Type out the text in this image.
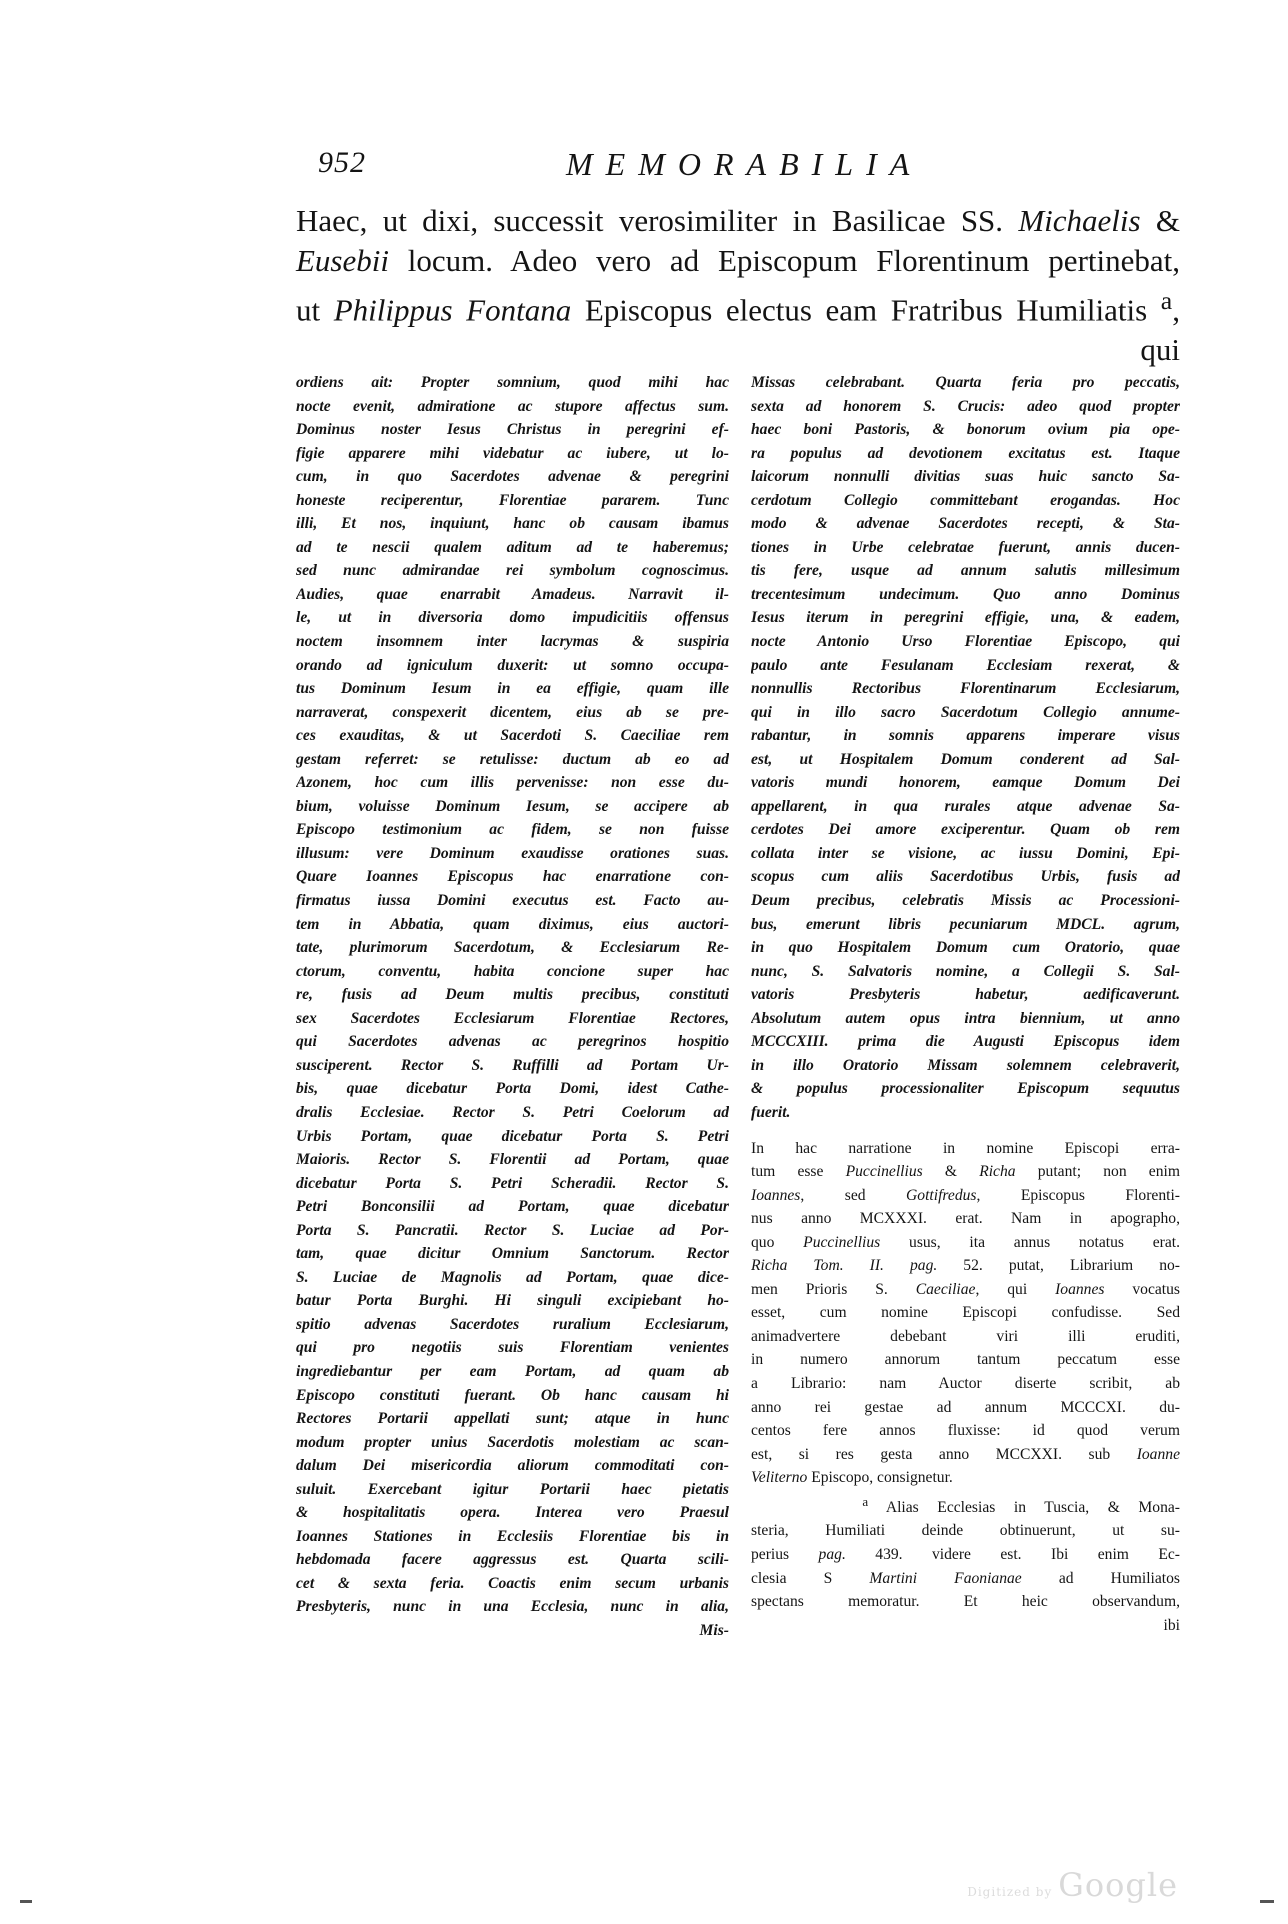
952	MEMORABILIA
Haec, ut dixi, successit verosimiliter in Basilicae SS. Michaelis &
Eusebii locum. Adeo vero ad Episcopum Florentinum pertinebat,
ut Philippus Fontana Episcopus electus eam Fratribus Humiliatis $^a$,
qui
ordiens ait: Propter somnium, quod mihi hac
nocte evenit, admiratione ac stupore affectus sum.
Dominus noster Iesus Christus in peregrini ef-
figie apparere mihi videbatur ac iubere, ut lo-
cum, in quo Sacerdotes advenae & peregrini
honeste reciperentur, Florentiae pararem. Tunc
illi, Et nos, inquiunt, hanc ob causam ibamus
ad te nescii qualem aditum ad te haberemus;
sed nunc admirandae rei symbolum cognoscimus.
Audies, quae enarrabit Amadeus. Narravit il-
le, ut in diversoria domo impudicitiis offensus
noctem insomnem inter lacrymas & suspiria
orando ad igniculum duxerit: ut somno occupa-
tus Dominum Iesum in ea effigie, quam ille
narraverat, conspexerit dicentem, eius ab se pre-
ces exauditas, & ut Sacerdoti S. Caeciliae rem
gestam referret: se retulisse: ductum ab eo ad
Azonem, hoc cum illis pervenisse: non esse du-
bium, voluisse Dominum Iesum, se accipere ab
Episcopo testimonium ac fidem, se non fuisse
illusum: vere Dominum exaudisse orationes suas.
Quare Ioannes Episcopus hac enarratione con-
firmatus iussa Domini executus est. Facto au-
tem in Abbatia, quam diximus, eius auctori-
tate, plurimorum Sacerdotum, & Ecclesiarum Re-
ctorum, conventu, habita concione super hac
re, fusis ad Deum multis precibus, constituti
sex Sacerdotes Ecclesiarum Florentiae Rectores,
qui Sacerdotes advenas ac peregrinos hospitio
susciperent. Rector S. Ruffilli ad Portam Ur-
bis, quae dicebatur Porta Domi, idest Cathe-
dralis Ecclesiae. Rector S. Petri Coelorum ad
Urbis Portam, quae dicebatur Porta S. Petri
Maioris. Rector S. Florentii ad Portam, quae
dicebatur Porta S. Petri Scheradii. Rector S.
Petri Bonconsilii ad Portam, quae dicebatur
Porta S. Pancratii. Rector S. Luciae ad Por-
tam, quae dicitur Omnium Sanctorum. Rector
S. Luciae de Magnolis ad Portam, quae dice-
batur Porta Burghi. Hi singuli excipiebant ho-
spitio advenas Sacerdotes ruralium Ecclesiarum,
qui pro negotiis suis Florentiam venientes
ingrediebantur per eam Portam, ad quam ab
Episcopo constituti fuerant. Ob hanc causam hi
Rectores Portarii appellati sunt; atque in hunc
modum propter unius Sacerdotis molestiam ac scan-
dalum Dei misericordia aliorum commoditati con-
suluit. Exercebant igitur Portarii haec pietatis
& hospitalitatis opera. Interea vero Praesul
Ioannes Stationes in Ecclesiis Florentiae bis in
hebdomada facere aggressus est. Quarta scili-
cet & sexta feria. Coactis enim secum urbanis
Presbyteris, nunc in una Ecclesia, nunc in alia,
Mis-
Missas celebrabant. Quarta feria pro peccatis,
sexta ad honorem S. Crucis: adeo quod propter
haec boni Pastoris, & bonorum ovium pia ope-
ra populus ad devotionem excitatus est. Itaque
laicorum nonnulli divitias suas huic sancto Sa-
cerdotum Collegio committebant erogandas. Hoc
modo & advenae Sacerdotes recepti, & Sta-
tiones in Urbe celebratae fuerunt, annis ducen-
tis fere, usque ad annum salutis millesimum
trecentesimum undecimum. Quo anno Dominus
Iesus iterum in peregrini effigie, una, & eadem,
nocte Antonio Urso Florentiae Episcopo, qui
paulo ante Fesulanam Ecclesiam rexerat, &
nonnullis Rectoribus Florentinarum Ecclesiarum,
qui in illo sacro Sacerdotum Collegio annume-
rabantur, in somnis apparens imperare visus
est, ut Hospitalem Domum conderent ad Sal-
vatoris mundi honorem, eamque Domum Dei
appellarent, in qua rurales atque advenae Sa-
cerdotes Dei amore exciperentur. Quam ob rem
collata inter se visione, ac iussu Domini, Epi-
scopus cum aliis Sacerdotibus Urbis, fusis ad
Deum precibus, celebratis Missis ac Processioni-
bus, emerunt libris pecuniarum MDCL. agrum,
in quo Hospitalem Domum cum Oratorio, quae
nunc, S. Salvatoris nomine, a Collegii S. Sal-
vatoris Presbyteris habetur, aedificaverunt.
Absolutum autem opus intra biennium, ut anno
MCCCXIII. prima die Augusti Episcopus idem
in illo Oratorio Missam solemnem celebraverit,
& populus processionaliter Episcopum sequutus
fuerit.
In hac narratione in nomine Episcopi erra-
tum esse Puccinellius & Richa putant; non enim
Ioannes, sed Gottifredus, Episcopus Florenti-
nus anno MCXXXI. erat. Nam in apographo,
quo Puccinellius usus, ita annus notatus erat.
Richa Tom. II. pag. 52. putat, Librarium no-
men Prioris S. Caeciliae, qui Ioannes vocatus
esset, cum nomine Episcopi confudisse. Sed
animadvertere debebant viri illi eruditi,
in numero annorum tantum peccatum esse
a Librario: nam Auctor diserte scribit, ab
anno rei gestae ad annum MCCCXI. du-
centos fere annos fluxisse: id quod verum
est, si res gesta anno MCCXXI. sub Ioanne
Veliterno Episcopo, consignetur.
$^a$ Alias Ecclesias in Tuscia, & Mona-
steria, Humiliati deinde obtinuerunt, ut su-
perius pag. 439. videre est. Ibi enim Ec-
clesia S Martini Faonianae ad Humiliatos
spectans memoratur. Et heic observandum,
ibi
Digitized by Google
